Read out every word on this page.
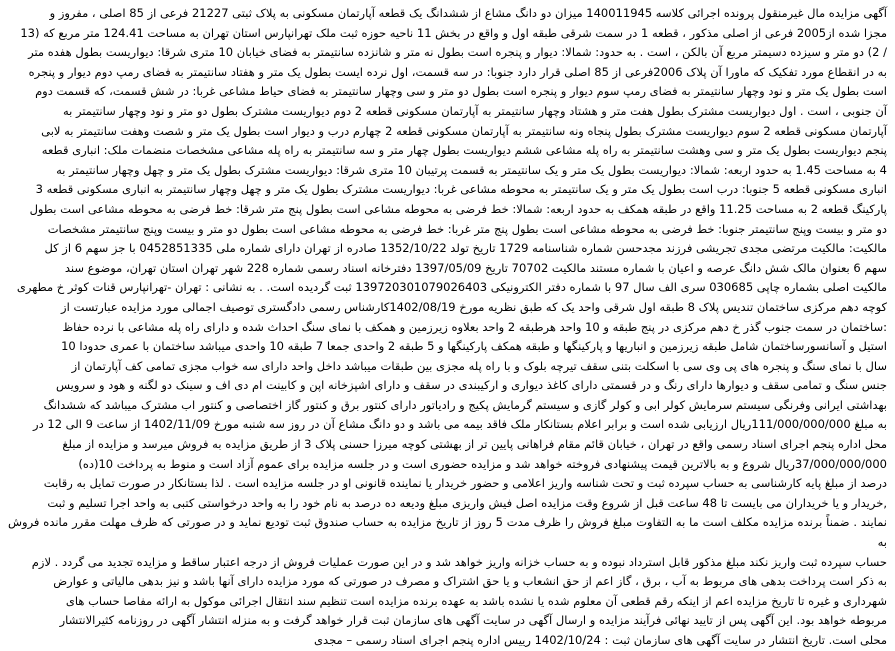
آگهی مزایده مال غیرمنقول پرونده اجرائی کلاسه 140011945 میزان دو دانگ مشاع از ششدانگ یک قطعه آپارتمان مسکونی به پلاک ثبتی 21227 فرعی از 85 اصلی ، مفروز و
مجزا شده از2005 فرعی از اصلی مذکور ، قطعه 1 در سمت شرقی طبقه اول و واقع در بخش 11 ناحیه حوزه ثبت ملک تهرانپارس استان تهران به مساحت 124.41 متر مربع که (13
/ 2) دو متر و سیزده دسیمتر مربع آن بالکن ، است . به حدود: شمالا: دیوار و پنجره است بطول نه متر و شانزده سانتیمتر به فضای خیابان 10 متری شرقا: دیواریست بطول هفده متر
به در انقطاع مورد تفکیک که ماورا آن پلاک 2006فرعی از 85 اصلی قرار دارد جنوبا: در سه قسمت، اول نرده ایست بطول یک متر و هفتاد سانتیمتر به فضای رمپ دوم دیوار و پنجره
است بطول یک متر و نود وچهار سانتیمتر به فضای رمپ سوم دیوار و پنجره است بطول دو متر و سی وچهار سانتیمتر به فضای حیاط مشاعی غربا: در شش قسمت، که قسمت دوم
آن جنوبی ، است . اول دیواریست مشترک بطول هفت متر و هشتاد وچهار سانتیمتر به آپارتمان مسکونی قطعه 2 دوم دیواریست مشترک بطول دو متر و نود وچهار سانتیمتر به
آپارتمان مسکونی قطعه 2 سوم دیواریست مشترک بطول پنجاه ونه سانتیمتر به آپارتمان مسکونی قطعه 2 چهارم درب و دیوار است بطول یک متر و شصت وهفت سانتیمتر به لابی
پنجم دیواریست بطول یک متر و سی وهشت سانتیمتر به راه پله مشاعی ششم دیواریست بطول چهار متر و سه سانتیمتر به راه پله مشاعی مشخصات منضمات ملک: انباری قطعه
4 به مساحت 1.45 به حدود اربعه: شمالا: دیواریست بطول یک متر و یک سانتیمتر به قسمت پرتیبان 10 متری شرقا: دیواریست مشترک بطول یک متر و چهل وچهار سانتیمتر به
انباری مسکونی قطعه 5 جنوبا: درب است بطول یک متر و یک سانتیمتر به محوطه مشاعی غربا: دیواریست مشترک بطول یک متر و چهل وچهار سانتیمتر به انباری مسکونی قطعه 3
پارکینگ قطعه 2 به مساحت 11.25 واقع در طبقه همکف به حدود اربعه: شمالا: خط فرضی به محوطه مشاعی است بطول پنج متر شرقا: خط فرضی به محوطه مشاعی است بطول
دو متر و بیست وپنج سانتیمتر جنوبا: خط فرضی به محوطه مشاعی است بطول پنج متر غربا: خط فرضی به محوطه مشاعی است بطول دو متر و بیست وپنج سانتیمتر مشخصات
مالکیت: مالکیت مرتضی مجدی تجریشی فرزند مجدحسن شماره شناسنامه 1729 تاریخ تولد 1352/10/22 صادره از تهران دارای شماره ملی 0452851335 با جز سهم 6 از کل
سهم 6 بعنوان مالک شش دانگ عرصه و اعیان با شماره مستند مالکیت 70702 تاریخ 1397/05/09 دفترخانه اسناد رسمی شماره 228 شهر تهران استان تهران، موضوع سند
مالکیت اصلی بشماره چاپی 030685 سری الف سال 97 با شماره دفتر الکترونیکی 139720301079026403 ثبت گردیده است. . به نشانی : تهران -تهرانپارس قنات کوثر خ مطهری
کوچه دهم مرکزی ساختمان تندیس پلاک 8 طبقه اول شرقی واحد یک که طبق نظریه مورخ 1402/08/19کارشناس رسمی دادگستری توصیف اجمالی مورد مزایده عبارتست از
:ساختمان در سمت جنوب گذر خ دهم مرکزی در پنج طبقه و 10 واحد هرطبقه 2 واحد بعلاوه زیرزمین و همکف با نمای سنگ احداث شده و دارای راه پله مشاعی با نرده حفاظ
استیل و آسانسورساختمان شامل طبقه زیرزمین و انباریها و پارکینگها و طبقه همکف پارکینگها و 5 طبقه 2 واحدی جمعا 7 طبقه 10 واحدی میباشد ساختمان با عمری حدودا 10
سال با نمای سنگ و پنجره های پی وی سی با اسکلت بتنی سقف تیرچه بلوک و با راه پله مجزی بین طبقات میباشد داخل واحد دارای سه خواب مجزی تمامی کف آپارتمان از
جنس سنگ و تمامی سقف و دیوارها دارای رنگ و در قسمتی دارای کاغذ دیواری و ارکیبندی در سقف و دارای اشپزخانه اپن و کابینت ام دی اف و سینک دو لگنه و هود و سرویس
بهداشتی ایرانی وفرنگی سیستم سرمایش کولر ابی و کولر گازی و سیستم گرمایش پکیج و رادیاتور دارای کنتور برق و کنتور گاز اختصاصی و کنتور اب مشترک میباشد که ششدانگ
به مبلغ 111/000/000/000ریال ارزیابی شده است و برابر اعلام بستانکار ملک فاقد بیمه می باشد و دو دانگ مشاع آن در روز سه شنبه مورخ 1402/11/09 از ساعت 9 الی 12 در
محل اداره پنجم اجرای اسناد رسمی واقع در تهران ، خیابان قائم مقام فراهانی پایین تر از بهشتی کوچه میرزا حسنی پلاک 3 از طریق مزایده به فروش میرسد و مزایده از مبلغ
37/000/000/000ریال شروع و به بالاترین قیمت پیشنهادی فروخته خواهد شد و مزایده حضوری است و در جلسه مزایده برای عموم آزاد است و منوط به پرداخت 10(ده)
درصد از مبلغ پایه کارشناسی به حساب سپرده ثبت و تحت شناسه واریز اعلامی و حضور خریدار یا نماینده قانونی او در جلسه مزایده است . لذا بستانکار در صورت تمایل به رقابت
,خریدار و یا خریداران می بایست تا 48 ساعت قبل از شروع وقت مزایده اصل فیش واریزی مبلغ ودیعه ده درصد به نام خود را به واحد درخواستی کتبی به واحد اجرا تسلیم و ثبت
نمایند . ضمناً برنده مزایده مکلف است ما به التفاوت مبلغ فروش را ظرف مدت 5 روز از تاریخ مزایده به حساب صندوق ثبت تودیع نماید و در صورتی که ظرف مهلت مقرر مانده فروش به
حساب سپرده ثبت واریز نکند مبلغ مذکور قابل استرداد نبوده و به حساب خزانه واریز خواهد شد و در این صورت عملیات فروش از درجه اعتبار ساقط و مزایده تجدید می گردد . لازم
به ذکر است پرداخت بدهی های مربوط به آب ، برق ، گاز اعم از حق انشعاب و یا حق اشتراک و مصرف در صورتی که مورد مزایده دارای آنها باشد و نیز بدهی مالیاتی و عوارض
شهرداری و غیره تا تاریخ مزایده اعم از اینکه رقم قطعی آن معلوم شده یا نشده باشد به عهده برنده مزایده است تنظیم سند انتقال اجرائی موکول به ارائه مفاصا حساب های
مربوطه خواهد بود. این آگهی پس از تایید نهائی فرآیند مزایده و ارسال آگهی در سایت آگهی های سازمان ثبت قرار خواهد گرفت و به منزله انتشار آگهی در روزنامه کثیرالانتشار
محلی است. تاریخ انتشار در سایت آگهی های سازمان ثبت : 1402/10/24 رییس اداره پنجم اجرای اسناد رسمی – مجدی
